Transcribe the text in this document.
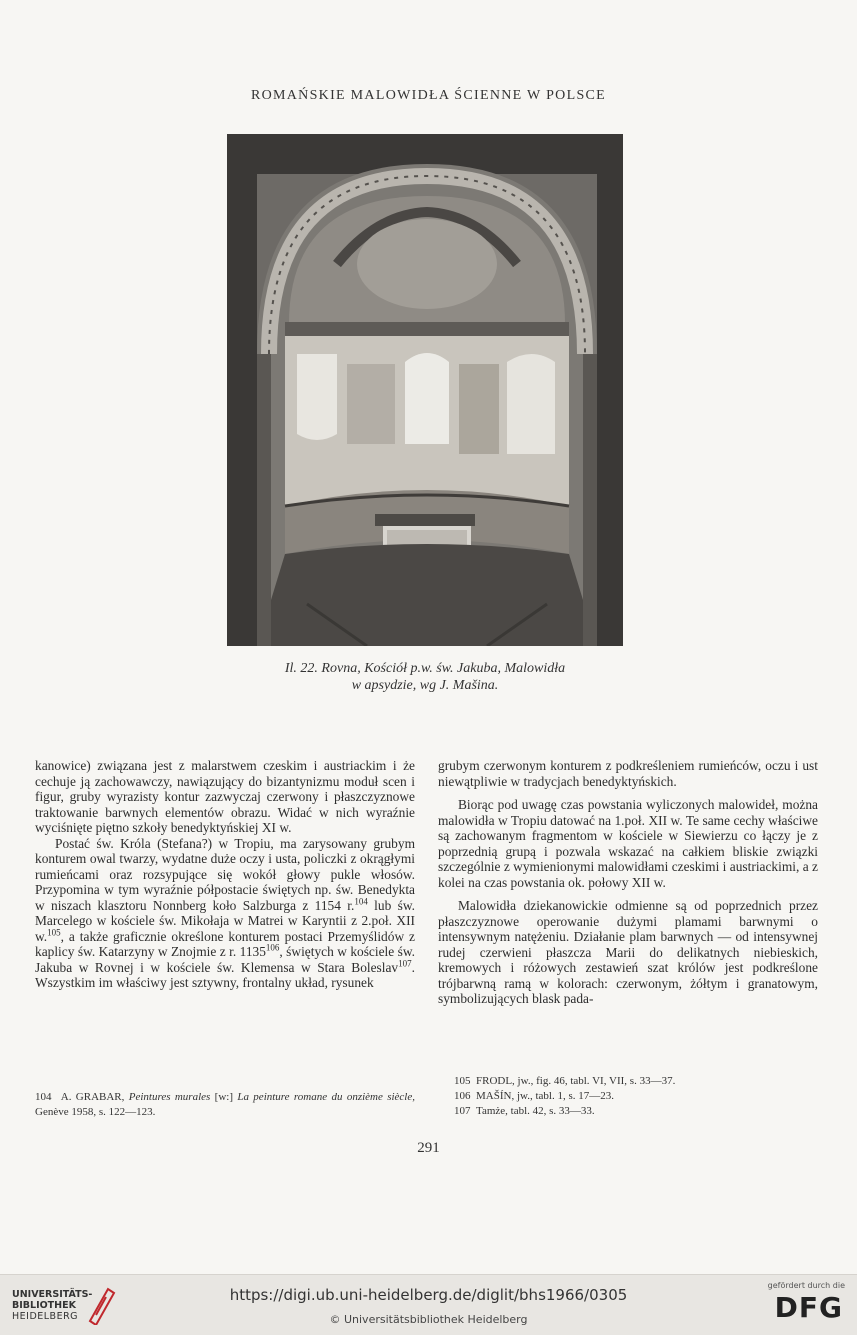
ROMAŃSKIE MALOWIDŁA ŚCIENNE W POLSCE
Il. 22. Rovna, Kościół p.w. św. Jakuba, Malowidła
w apsydzie, wg J. Mašina.

kanowice) związana jest z malarstwem czeskim i austriackim i że cechuje ją zachowawczy, nawiązujący do bizantynizmu moduł scen i figur, gruby wyrazisty kontur zazwyczaj czerwony i płaszczyznowe traktowanie barwnych elementów obrazu. Widać w nich wyraźnie wyciśnięte piętno szkoły benedyktyńskiej XI w.

Postać św. Króla (Stefana?) w Tropiu, ma zarysowany grubym konturem owal twarzy, wydatne duże oczy i usta, policzki z okrągłymi rumieńcami oraz rozsypujące się wokół głowy pukle włosów. Przypomina w tym wyraźnie półpostacie świętych np. św. Benedykta w niszach klasztoru Nonnberg koło Salzburga z 1154 r.$^{104}$ lub św. Marcelego w kościele św. Mikołaja w Matrei w Karyntii z 2.poł. XII w.$^{105}$, a także graficznie określone konturem postaci Przemyślidów z kaplicy św. Katarzyny w Znojmie z r. 1135$^{106}$, świętych w kościele św. Jakuba w Rovnej i w kościele św. Klemensa w Stara Boleslav$^{107}$. Wszystkim im właściwy jest sztywny, frontalny układ, rysunek

grubym czerwonym konturem z podkreśleniem rumieńców, oczu i ust niewątpliwie w tradycjach benedyktyńskich.

Biorąc pod uwagę czas powstania wyliczonych malowideł, można malowidła w Tropiu datować na 1.poł. XII w. Te same cechy właściwe są zachowanym fragmentom w kościele w Siewierzu co łączy je z poprzednią grupą i pozwala wskazać na całkiem bliskie związki szczególnie z wymienionymi malowidłami czeskimi i austriackimi, a z kolei na czas powstania ok. połowy XII w.

Malowidła dziekanowickie odmienne są od poprzednich przez płaszczyznowe operowanie dużymi plamami barwnymi o intensywnym natężeniu. Działanie plam barwnych — od intensywnej rudej czerwieni płaszcza Marii do delikatnych niebieskich, kremowych i różowych zestawień szat królów jest podkreślone trójbarwną ramą w kolorach: czerwonym, żółtym i granatowym, symbolizujących blask pada-

104 A. GRABAR, Peintures murales [w:] La peinture romane du onzième siècle, Genève 1958, s. 122—123.
105 FRODL, jw., fig. 46, tabl. VI, VII, s. 33—37.
106 MAŠÍN, jw., tabl. 1, s. 17—23.
107 Tamże, tabl. 42, s. 33—33.
291
UNIVERSITÄTS-
BIBLIOTHEK
HEIDELBERG
https://digi.ub.uni-heidelberg.de/diglit/bhs1966/0305
© Universitätsbibliothek Heidelberg
gefördert durch die
DFG
